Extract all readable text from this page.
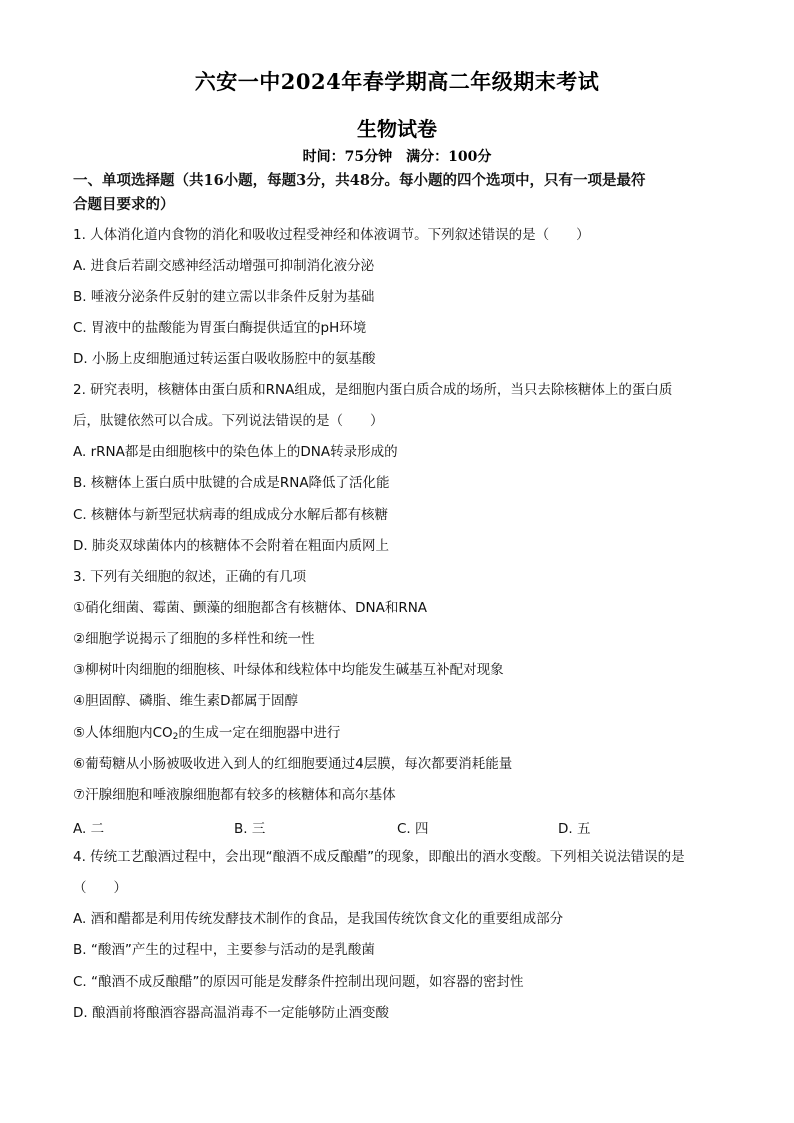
六安一中2024年春学期高二年级期末考试
生物试卷
时间：75分钟　满分：100分
一、单项选择题（共16小题，每题3分，共48分。每小题的四个选项中，只有一项是最符
合题目要求的）
1. 人体消化道内食物的消化和吸收过程受神经和体液调节。下列叙述错误的是（　　）
A. 进食后若副交感神经活动增强可抑制消化液分泌
B. 唾液分泌条件反射的建立需以非条件反射为基础
C. 胃液中的盐酸能为胃蛋白酶提供适宜的pH环境
D. 小肠上皮细胞通过转运蛋白吸收肠腔中的氨基酸
2. 研究表明，核糖体由蛋白质和RNA组成，是细胞内蛋白质合成的场所，当只去除核糖体上的蛋白质
后，肽键依然可以合成。下列说法错误的是（　　）
A. rRNA都是由细胞核中的染色体上的DNA转录形成的
B. 核糖体上蛋白质中肽键的合成是RNA降低了活化能
C. 核糖体与新型冠状病毒的组成成分水解后都有核糖
D. 肺炎双球菌体内的核糖体不会附着在粗面内质网上
3. 下列有关细胞的叙述，正确的有几项
①硝化细菌、霉菌、颤藻的细胞都含有核糖体、DNA和RNA
②细胞学说揭示了细胞的多样性和统一性
③柳树叶肉细胞的细胞核、叶绿体和线粒体中均能发生碱基互补配对现象
④胆固醇、磷脂、维生素D都属于固醇
⑤人体细胞内$CO_2$的生成一定在细胞器中进行
⑥葡萄糖从小肠被吸收进入到人的红细胞要通过4层膜，每次都要消耗能量
⑦汗腺细胞和唾液腺细胞都有较多的核糖体和高尔基体
A. 二	B. 三	C. 四	D. 五
4. 传统工艺酿酒过程中，会出现“酿酒不成反酿醋”的现象，即酿出的酒水变酸。下列相关说法错误的是
（　　）
A. 酒和醋都是利用传统发酵技术制作的食品，是我国传统饮食文化的重要组成部分
B. “酸酒”产生的过程中，主要参与活动的是乳酸菌
C. “酿酒不成反酿醋”的原因可能是发酵条件控制出现问题，如容器的密封性
D. 酿酒前将酿酒容器高温消毒不一定能够防止酒变酸
